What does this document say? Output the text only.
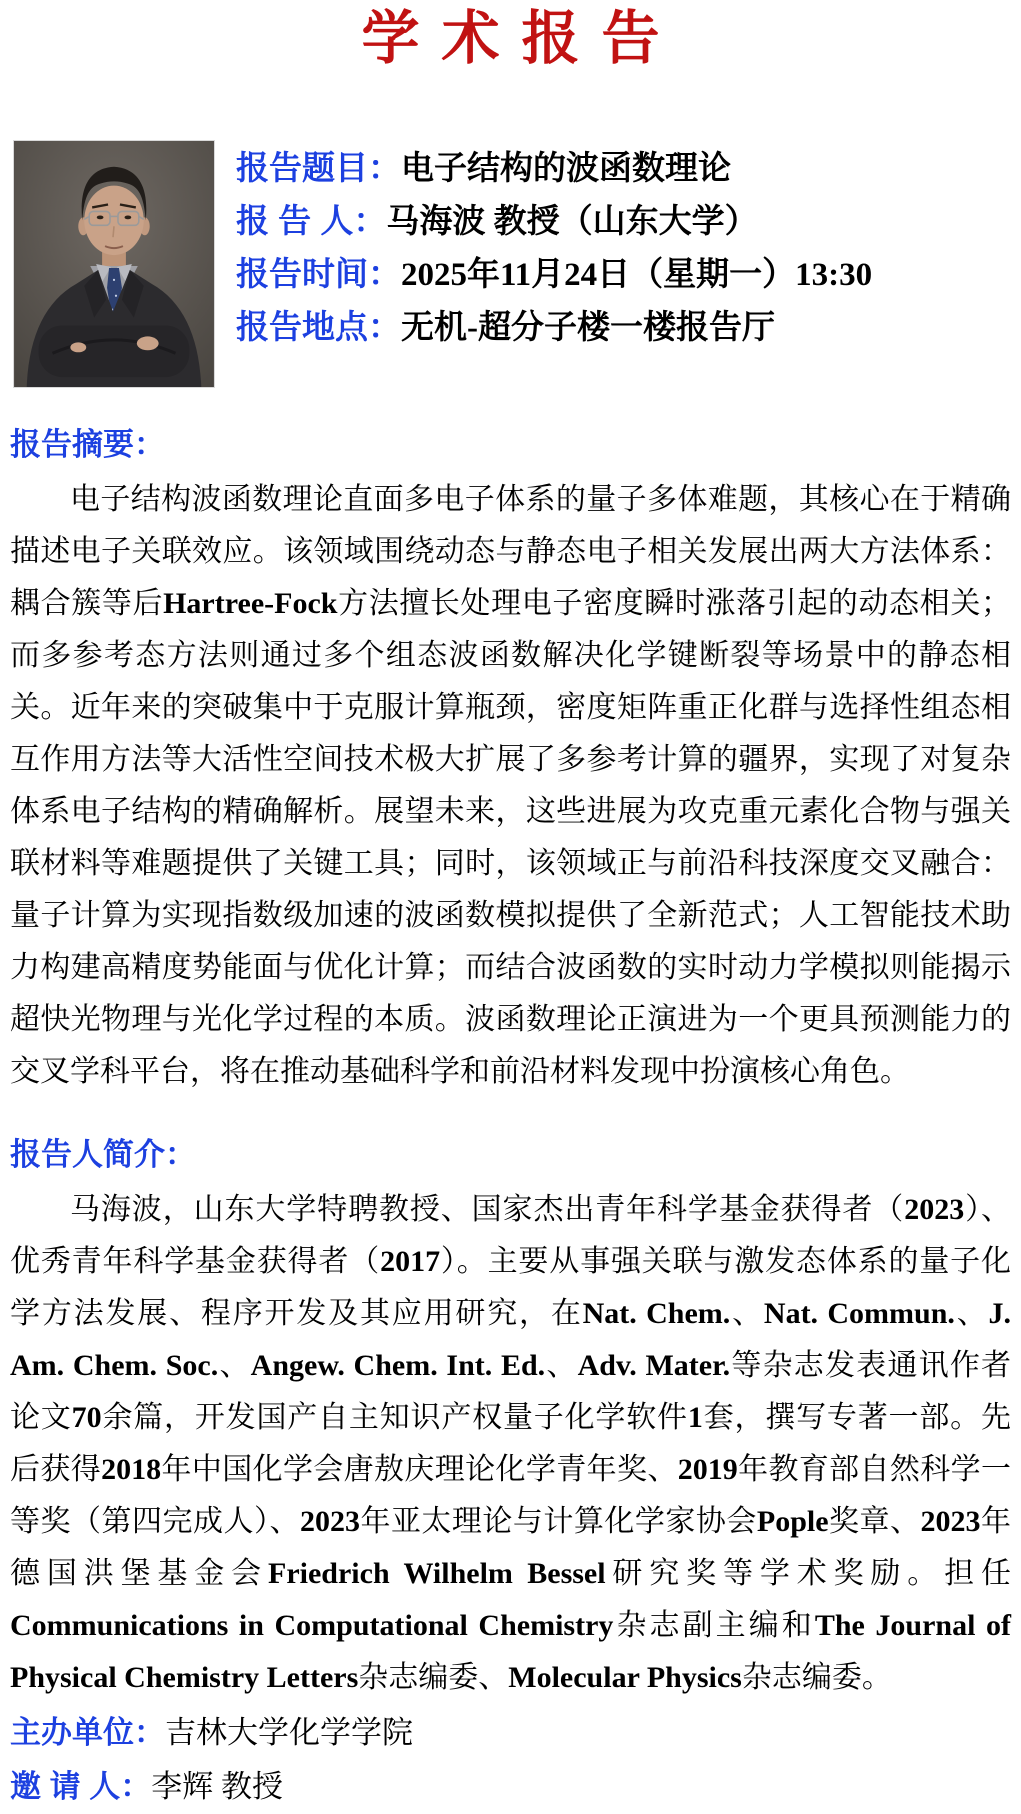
学术报告
报告题目：电子结构的波函数理论
报 告 人：马海波 教授（山东大学）
报告时间：2025年11月24日（星期一）13:30
报告地点：无机-超分子楼一楼报告厅
报告摘要：
电子结构波函数理论直面多电子体系的量子多体难题，其核心在于精确描述电子关联效应。该领域围绕动态与静态电子相关发展出两大方法体系：耦合簇等后Hartree-Fock方法擅长处理电子密度瞬时涨落引起的动态相关；而多参考态方法则通过多个组态波函数解决化学键断裂等场景中的静态相关。近年来的突破集中于克服计算瓶颈，密度矩阵重正化群与选择性组态相互作用方法等大活性空间技术极大扩展了多参考计算的疆界，实现了对复杂体系电子结构的精确解析。展望未来，这些进展为攻克重元素化合物与强关联材料等难题提供了关键工具；同时，该领域正与前沿科技深度交叉融合：量子计算为实现指数级加速的波函数模拟提供了全新范式；人工智能技术助力构建高精度势能面与优化计算；而结合波函数的实时动力学模拟则能揭示超快光物理与光化学过程的本质。波函数理论正演进为一个更具预测能力的交叉学科平台，将在推动基础科学和前沿材料发现中扮演核心角色。
报告人简介：
马海波，山东大学特聘教授、国家杰出青年科学基金获得者（2023）、优秀青年科学基金获得者（2017）。主要从事强关联与激发态体系的量子化学方法发展、程序开发及其应用研究，在Nat. Chem.、Nat. Commun.、J. Am. Chem. Soc.、Angew. Chem. Int. Ed.、Adv. Mater.等杂志发表通讯作者论文70余篇，开发国产自主知识产权量子化学软件1套，撰写专著一部。先后获得2018年中国化学会唐敖庆理论化学青年奖、2019年教育部自然科学一等奖（第四完成人）、2023年亚太理论与计算化学家协会Pople奖章、2023年德国洪堡基金会Friedrich Wilhelm Bessel研究奖等学术奖励。担任Communications in Computational Chemistry杂志副主编和The Journal of Physical Chemistry Letters杂志编委、Molecular Physics杂志编委。
主办单位：吉林大学化学学院
邀 请 人：李辉 教授
